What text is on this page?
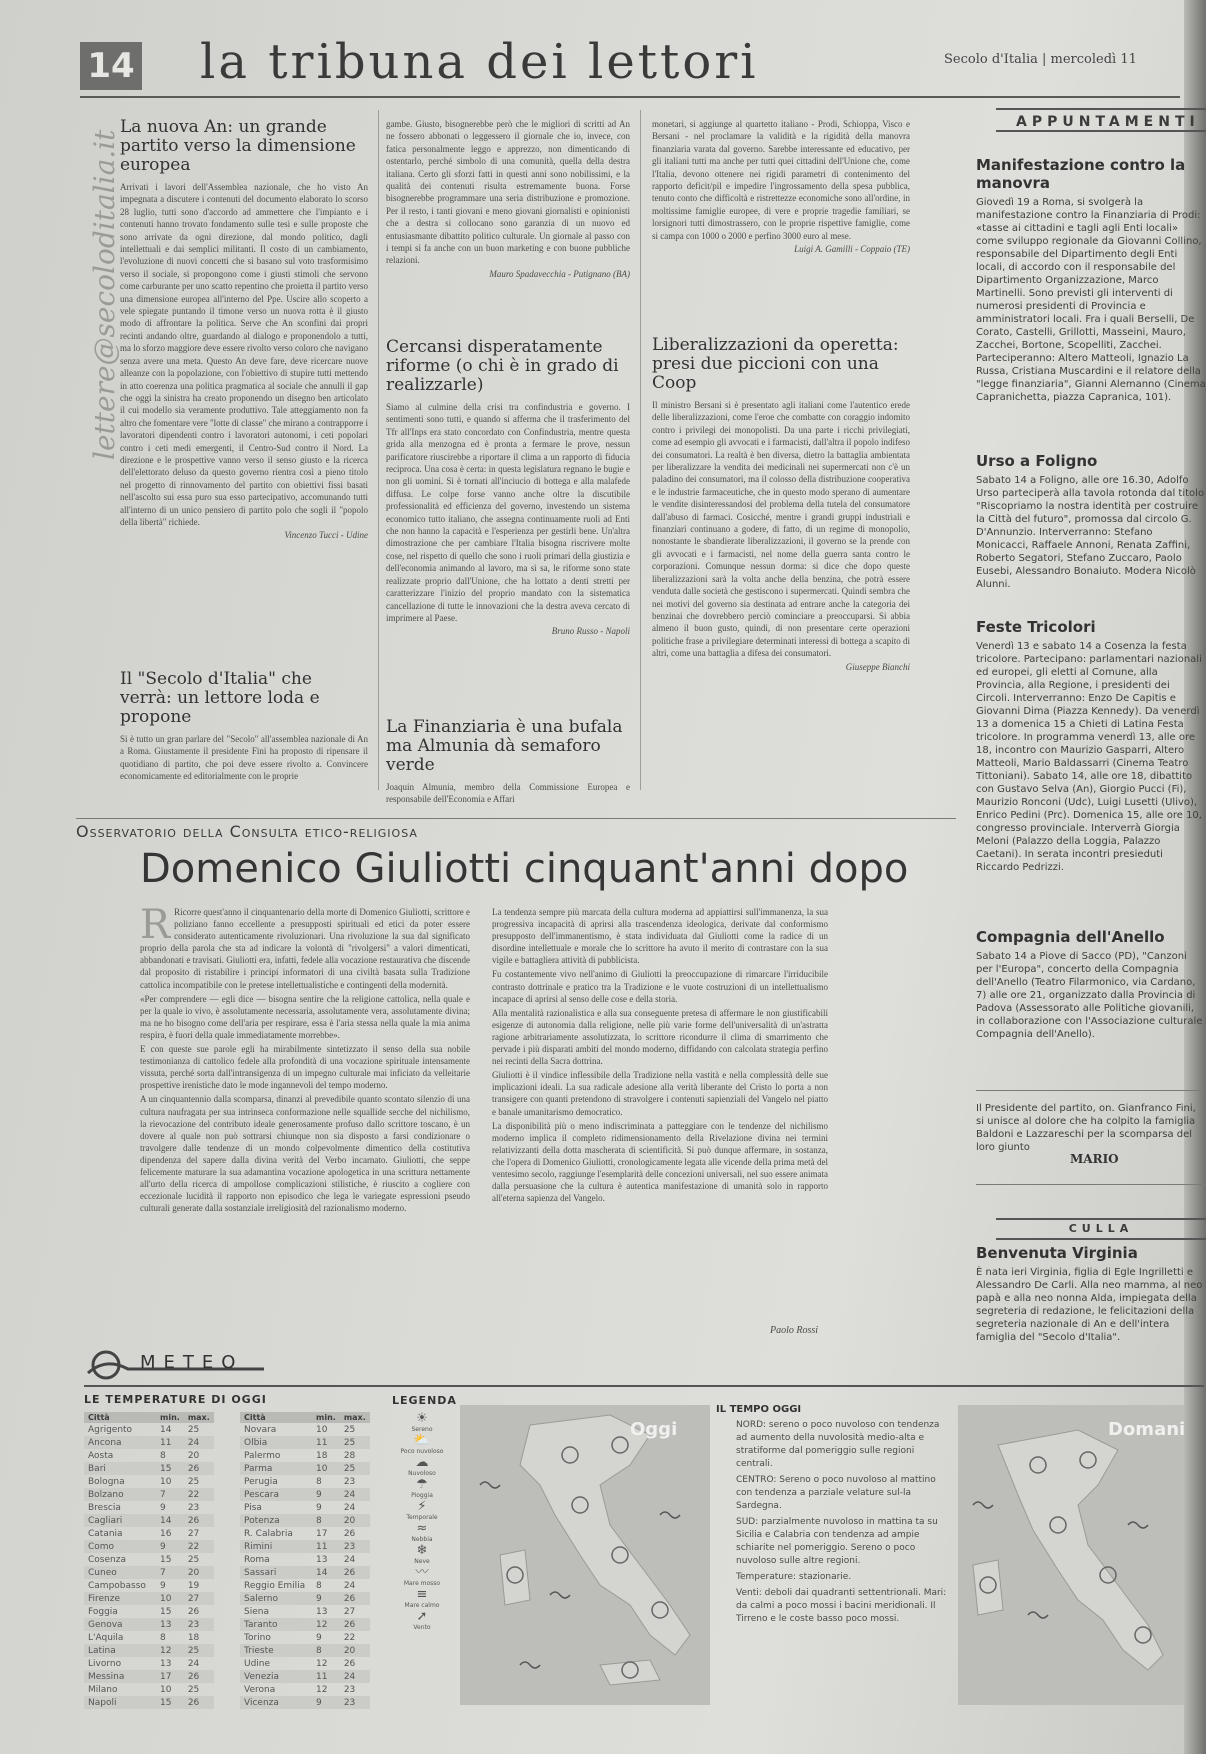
14 la tribuna dei lettori	Secolo d'Italia | mercoledì 11
lettere@secoloditalia.it
La nuova An: un grande partito verso la dimensione europea

Arrivati i lavori dell'Assemblea nazionale, che ho visto An impegnata a discutere i contenuti del documento elaborato lo scorso 28 luglio, tutti sono d'accordo ad ammettere che l'impianto e i contenuti hanno trovato fondamento sulle tesi e sulle proposte che sono arrivate da ogni direzione, dal mondo politico, dagli intellettuali e dai semplici militanti. Il costo di un cambiamento, l'evoluzione di nuovi concetti che si basano sul voto trasformisimo verso il sociale, si propongono come i giusti stimoli che servono come carburante per uno scatto repentino che proietta il partito verso una dimensione europea all'interno del Ppe. Uscire allo scoperto a vele spiegate puntando il timone verso un nuova rotta è il giusto modo di affrontare la politica. Serve che An sconfini dai propri recinti andando oltre, guardando al dialogo e proponendolo a tutti, ma lo sforzo maggiore deve essere rivolto verso coloro che navigano senza avere una meta. Questo An deve fare, deve ricercare nuove alleanze con la popolazione, con l'obiettivo di stupire tutti mettendo in atto coerenza una politica pragmatica al sociale che annulli il gap che oggi la sinistra ha creato proponendo un disegno ben articolato il cui modello sia veramente produttivo. Tale atteggiamento non fa altro che fomentare vere "lotte di classe" che mirano a contrapporre i lavoratori dipendenti contro i lavoratori autonomi, i ceti popolari contro i ceti medi emergenti, il Centro-Sud contro il Nord. La direzione e le prospettive vanno verso il senso giusto e la ricerca dell'elettorato deluso da questo governo rientra così a pieno titolo nel progetto di rinnovamento del partito con obiettivi fissi basati nell'ascolto sui essa puro sua esso partecipativo, accomunando tutti all'interno di un unico pensiero di partito polo che sogli il "popolo della libertà" richiede.

Vincenzo Tucci - Udine
Il "Secolo d'Italia" che verrà: un lettore loda e propone

Si è tutto un gran parlare del "Secolo" all'assemblea nazionale di An a Roma. Giustamente il presidente Fini ha proposto di ripensare il quotidiano di partito, che poi deve essere rivolto a. Convincere economicamente ed editorialmente con le proprie

gambe. Giusto, bisognerebbe però che le migliori di scritti ad An ne fossero abbonati o leggessero il giornale che io, invece, con fatica personalmente leggo e apprezzo, non dimenticando di ostentarlo, perché simbolo di una comunità, quella della destra italiana. Certo gli sforzi fatti in questi anni sono nobilissimi, e la qualità dei contenuti risulta estremamente buona. Forse bisognerebbe programmare una seria distribuzione e promozione. Per il resto, i tanti giovani e meno giovani giornalisti e opinionisti che a destra si collocano sono garanzia di un nuovo ed entusiasmante dibattito politico culturale. Un giornale al passo con i tempi sì fa anche con un buon marketing e con buone pubbliche relazioni.

Mauro Spadavecchia - Putignano (BA)
Cercansi disperatamente riforme (o chi è in grado di realizzarle)

Siamo al culmine della crisi tra confindustria e governo. I sentimenti sono tutti, e quando si afferma che il trasferimento del Tfr all'Inps era stato concordato con Confindustria, mentre questa grida alla menzogna ed è pronta a fermare le prove, nessun parificatore riuscirebbe a riportare il clima a un rapporto di fiducia reciproca. Una cosa è certa: in questa legislatura regnano le bugie e non gli uomini. Si è tornati all'inciucio di bottega e alla malafede diffusa. Le colpe forse vanno anche oltre la discutibile professionalità ed efficienza del governo, investendo un sistema economico tutto italiano, che assegna continuamente ruoli ad Enti che non hanno la capacità e l'esperienza per gestirli bene. Un'altra dimostrazione che per cambiare l'Italia bisogna riscrivere molte cose, nel rispetto di quello che sono i ruoli primari della giustizia e dell'economia animando al lavoro, ma sì sa, le riforme sono state realizzate proprio dall'Unione, che ha lottato a denti stretti per caratterizzare l'inizio del proprio mandato con la sistematica cancellazione di tutte le innovazioni che la destra aveva cercato di imprimere al Paese.

Bruno Russo - Napoli
La Finanziaria è una bufala ma Almunia dà semaforo verde

Joaquin Almunia, membro della Commissione Europea e responsabile dell'Economia e Affari

monetari, si aggiunge al quartetto italiano - Prodi, Schioppa, Visco e Bersani - nel proclamare la validità e la rigidità della manovra finanziaria varata dal governo. Sarebbe interessante ed educativo, per gli italiani tutti ma anche per tutti quei cittadini dell'Unione che, come l'Italia, devono ottenere nei rigidi parametri di contenimento del rapporto deficit/pil e impedire l'ingrossamento della spesa pubblica, tenuto conto che difficoltà e ristrettezze economiche sono all'ordine, in moltissime famiglie europee, di vere e proprie tragedie familiari, se lorsignori tutti dimostrassero, con le proprie rispettive famiglie, come si campa con 1000 o 2000 e perfino 3000 euro al mese.

Luigi A. Gamilli - Coppaio (TE)
Liberalizzazioni da operetta: presi due piccioni con una Coop

Il ministro Bersani si è presentato agli italiani come l'autentico erede delle liberalizzazioni, come l'eroe che combatte con coraggio indomito contro i privilegi dei monopolisti. Da una parte i ricchi privilegiati, come ad esempio gli avvocati e i farmacisti, dall'altra il popolo indifeso dei consumatori. La realtà è ben diversa, dietro la battaglia ambientata per liberalizzare la vendita dei medicinali nei supermercati non c'è un paladino dei consumatori, ma il colosso della distribuzione cooperativa e le industrie farmaceutiche, che in questo modo sperano di aumentare le vendite disinteressandosi del problema della tutela del consumatore dall'abuso di farmaci. Cosicché, mentre i grandi gruppi industriali e finanziari continuano a godere, di fatto, di un regime di monopolio, nonostante le sbandierate liberalizzazioni, il governo se la prende con gli avvocati e i farmacisti, nel nome della guerra santa contro le corporazioni. Comunque nessun dorma: si dice che dopo queste liberalizzazioni sarà la volta anche della benzina, che potrà essere venduta dalle società che gestiscono i supermercati. Quindi sembra che nei motivi del governo sia destinata ad entrare anche la categoria dei benzinai che dovrebbero perciò cominciare a preoccuparsi. Si abbia almeno il buon gusto, quindi, di non presentare certe operazioni politiche frase a privilegiare determinati interessi di bottega a scapito di altri, come una battaglia a difesa dei consumatori.

Giuseppe Bianchi
Osservatorio della Consulta etico-religiosa
Domenico Giuliotti cinquant'anni dopo

R Ricorre quest'anno il cinquantenario della morte di Domenico Giuliotti, scrittore e poliziano fanno eccellente a presupposti spirituali ed etici da poter essere considerato autenticamente rivoluzionari. Una rivoluzione la sua dal significato proprio della parola che sta ad indicare la volontà di "rivolgersi" a valori dimenticati, abbandonati e travisati. Giuliotti era, infatti, fedele alla vocazione restaurativa che discende dal proposito di ristabilire i principi informatori di una civiltà basata sulla Tradizione cattolica incompatibile con le pretese intellettualistiche e contingenti della modernità.

«Per comprendere — egli dice — bisogna sentire che la religione cattolica, nella quale e per la quale io vivo, è assolutamente necessaria, assolutamente vera, assolutamente divina; ma ne ho bisogno come dell'aria per respirare, essa è l'aria stessa nella quale la mia anima respira, è fuori della quale immediatamente morrebbe».

E con queste sue parole egli ha mirabilmente sintetizzato il senso della sua nobile testimonianza di cattolico fedele alla profondità di una vocazione spirituale intensamente vissuta, perché sorta dall'intransigenza di un impegno culturale mai inficiato da velleitarie prospettive irenistiche dato le mode ingannevoli del tempo moderno.

A un cinquantennio dalla scomparsa, dinanzi al prevedibile quanto scontato silenzio di una cultura naufragata per sua intrinseca conformazione nelle squallide secche del nichilismo, la rievocazione del contributo ideale generosamente profuso dallo scrittore toscano, è un dovere al quale non può sottrarsi chiunque non sia disposto a farsi condizionare o travolgere dalle tendenze di un mondo colpevolmente dimentico della costitutiva dipendenza del sapere dalla divina verità del Verbo incarnato. Giuliotti, che seppe felicemente maturare la sua adamantina vocazione apologetica in una scrittura nettamente all'urto della ricerca di ampollose complicazioni stilistiche, è riuscito a cogliere con eccezionale lucidità il rapporto non episodico che lega le variegate espressioni pseudo culturali generate dalla sostanziale irreligiosità del razionalismo moderno.

La tendenza sempre più marcata della cultura moderna ad appiattirsi sull'immanenza, la sua progressiva incapacità di aprirsi alla trascendenza ideologica, derivate dal conformismo presupposto dell'immanentismo, è stata individuata dal Giuliotti come la radice di un disordine intellettuale e morale che lo scrittore ha avuto il merito di contrastare con la sua vigile e battagliera attività di pubblicista.

Fu costantemente vivo nell'animo di Giuliotti la preoccupazione di rimarcare l'irriducibile contrasto dottrinale e pratico tra la Tradizione e le vuote costruzioni di un intellettualismo incapace di aprirsi al senso delle cose e della storia.

Alla mentalità razionalistica e alla sua conseguente pretesa di affermare le non giustificabili esigenze di autonomia dalla religione, nelle più varie forme dell'universalità di un'astratta ragione arbitrariamente assolutizzata, lo scrittore ricondurre il clima di smarrimento che pervade i più disparati ambiti del mondo moderno, diffidando con calcolata strategia perfino nei recinti della Sacra dottrina.

Giuliotti è il vindice inflessibile della Tradizione nella vastità e nella complessità delle sue implicazioni ideali. La sua radicale adesione alla verità liberante del Cristo lo porta a non transigere con quanti pretendono di stravolgere i contenuti sapienziali del Vangelo nel piatto e banale umanitarismo democratico.

La disponibilità più o meno indiscriminata a patteggiare con le tendenze del nichilismo moderno implica il completo ridimensionamento della Rivelazione divina nei termini relativizzanti della dotta mascherata di scientificità. Si può dunque affermare, in sostanza, che l'opera di Domenico Giuliotti, cronologicamente legata alle vicende della prima metà del ventesimo secolo, raggiunge l'esemplarità delle concezioni universali, nel suo essere animata dalla persuasione che la cultura è autentica manifestazione di umanità solo in rapporto all'eterna sapienza del Vangelo.

Paolo Rossi
APPUNTAMENTI
Manifestazione contro la manovra

Giovedì 19 a Roma, si svolgerà la manifestazione contro la Finanziaria di Prodi: «tasse ai cittadini e tagli agli Enti locali» come sviluppo regionale da Giovanni Collino, responsabile del Dipartimento degli Enti locali, di accordo con il responsabile del Dipartimento Organizzazione, Marco Martinelli. Sono previsti gli interventi di numerosi presidenti di Provincia e amministratori locali. Fra i quali Berselli, De Corato, Castelli, Grillotti, Masseini, Mauro, Zacchei, Bortone, Scopelliti, Zacchei. Parteciperanno: Altero Matteoli, Ignazio La Russa, Cristiana Muscardini e il relatore della "legge finanziaria", Gianni Alemanno (Cinema Capranichetta, piazza Capranica, 101).

Urso a Foligno

Sabato 14 a Foligno, alle ore 16.30, Adolfo Urso parteciperà alla tavola rotonda dal titolo "Riscopriamo la nostra identità per costruire la Città del futuro", promossa dal circolo G. D'Annunzio. Interverranno: Stefano Monicacci, Raffaele Annoni, Renata Zaffini, Roberto Segatori, Stefano Zuccaro, Paolo Eusebi, Alessandro Bonaiuto. Modera Nicolò Alunni.

Feste Tricolori

Venerdì 13 e sabato 14 a Cosenza la festa tricolore. Partecipano: parlamentari nazionali ed europei, gli eletti al Comune, alla Provincia, alla Regione, i presidenti dei Circoli. Interverranno: Enzo De Capitis e Giovanni Dima (Piazza Kennedy). Da venerdì 13 a domenica 15 a Chieti di Latina Festa tricolore. In programma venerdì 13, alle ore 18, incontro con Maurizio Gasparri, Altero Matteoli, Mario Baldassarri (Cinema Teatro Tittoniani). Sabato 14, alle ore 18, dibattito con Gustavo Selva (An), Giorgio Pucci (Fi), Maurizio Ronconi (Udc), Luigi Lusetti (Ulivo), Enrico Pedini (Prc). Domenica 15, alle ore 10, congresso provinciale. Interverrà Giorgia Meloni (Palazzo della Loggia, Palazzo Caetani). In serata incontri presieduti Riccardo Pedrizzi.

Compagnia dell'Anello

Sabato 14 a Piove di Sacco (PD), "Canzoni per l'Europa", concerto della Compagnia dell'Anello (Teatro Filarmonico, via Cardano, 7) alle ore 21, organizzato dalla Provincia di Padova (Assessorato alle Politiche giovanili, in collaborazione con l'Associazione culturale Compagnia dell'Anello).

Il Presidente del partito, on. Gianfranco Fini, si unisce al dolore che ha colpito la famiglia Baldoni e Lazzareschi per la scomparsa del loro giunto

MARIO
CULLA
Benvenuta Virginia

È nata ieri Virginia, figlia di Egle Ingrilletti e Alessandro De Carli. Alla neo mamma, al neo papà e alla neo nonna Alda, impiegata della segreteria di redazione, le felicitazioni della segreteria nazionale di An e dell'intera famiglia del "Secolo d'Italia".

METEO
LE TEMPERATURE DI OGGI
Città	min.	max.
Agrigento	14	25
Ancona	11	24
Aosta	8	20
Bari	15	26
Bologna	10	25
Bolzano	7	22
Brescia	9	23
Cagliari	14	26
Catania	16	27
Como	9	22
Cosenza	15	25
Cuneo	7	20
Campobasso	9	19
Firenze	10	27
Foggia	15	26
Genova	13	23
L'Aquila	8	18
Latina	12	25
Livorno	13	24
Messina	17	26
Milano	10	25
Napoli	15	26
Città	min.	max.
Novara	10	25
Olbia	11	25
Palermo	18	28
Parma	10	25
Perugia	8	23
Pescara	9	24
Pisa	9	24
Potenza	8	20
R. Calabria	17	26
Rimini	11	23
Roma	13	24
Sassari	14	26
Reggio Emilia	8	24
Salerno	9	26
Siena	13	27
Taranto	12	26
Torino	9	22
Trieste	8	20
Udine	12	26
Venezia	11	24
Verona	12	23
Vicenza	9	23
LEGENDA
☀
Sereno
⛅
Poco nuvoloso
☁
Nuvoloso
☂
Pioggia
⚡
Temporale
≈
Nebbia
❄
Neve
〰
Mare mosso
≡
Mare calmo
➚
Vento
Oggi
IL TEMPO OGGI

NORD: sereno o poco nuvoloso con tendenza ad aumento della nuvolosità medio-alta e stratiforme dal pomeriggio sulle regioni centrali.

CENTRO: Sereno o poco nuvoloso al mattino con tendenza a parziale velature sul-la Sardegna.

SUD: parzialmente nuvoloso in mattina ta su Sicilia e Calabria con tendenza ad ampie schiarite nel pomeriggio. Sereno o poco nuvoloso sulle altre regioni.

Temperature: stazionarie.

Venti: deboli dai quadranti settentrionali. Mari: da calmi a poco mossi i bacini meridionali. Il Tirreno e le coste basso poco mossi.

Domani
